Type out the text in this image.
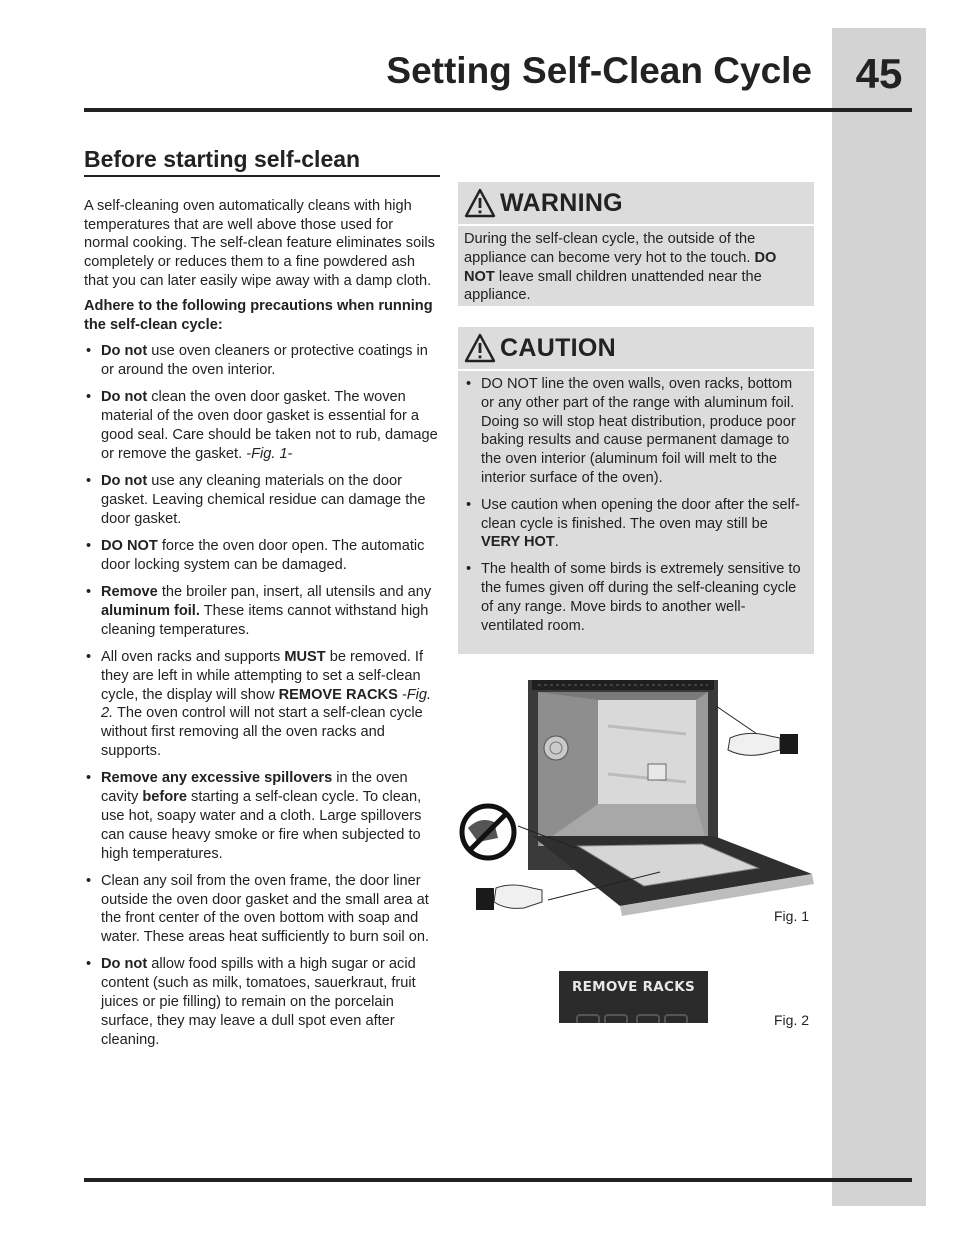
45
Setting Self-Clean Cycle
Before starting self-clean

A self-cleaning oven automatically cleans with high temperatures that are well above those used for normal cooking. The self-clean feature eliminates soils completely or reduces them to a fine powdered ash that you can later easily wipe away with a damp cloth.

Adhere to the following precautions when running the self-clean cycle:

• Do not use oven cleaners or protective coatings in or around the oven interior.
• Do not clean the oven door gasket. The woven material of the oven door gasket is essential for a good seal. Care should be taken not to rub, damage or remove the gasket. -Fig. 1-
• Do not use any cleaning materials on the door gasket. Leaving chemical residue can damage the door gasket.
• DO NOT force the oven door open. The automatic door locking system can be damaged.
• Remove the broiler pan, insert, all utensils and any aluminum foil. These items cannot withstand high cleaning temperatures.
• All oven racks and supports MUST be removed. If they are left in while attempting to set a self-clean cycle, the display will show REMOVE RACKS -Fig. 2. The oven control will not start a self-clean cycle without first removing all the oven racks and supports.
• Remove any excessive spillovers in the oven cavity before starting a self-clean cycle. To clean, use hot, soapy water and a cloth. Large spillovers can cause heavy smoke or fire when subjected to high temperatures.
• Clean any soil from the oven frame, the door liner outside the oven door gasket and the small area at the front center of the oven bottom with soap and water. These areas heat sufficiently to burn soil on.
• Do not allow food spills with a high sugar or acid content (such as milk, tomatoes, sauerkraut, fruit juices or pie filling) to remain on the porcelain surface, they may leave a dull spot even after cleaning.
WARNING
During the self-clean cycle, the outside of the appliance can become very hot to the touch. DO NOT leave small children unattended near the appliance.
CAUTION
• DO NOT line the oven walls, oven racks, bottom or any other part of the range with aluminum foil. Doing so will stop heat distribution, produce poor baking results and cause permanent damage to the oven interior (aluminum foil will melt to the interior surface of the oven).
• Use caution when opening the door after the self-clean cycle is finished. The oven may still be VERY HOT.
• The health of some birds is extremely sensitive to the fumes given off during the self-cleaning cycle of any range. Move birds to another well-ventilated room.
Fig. 1
REMOVE RACKS
Fig. 2
